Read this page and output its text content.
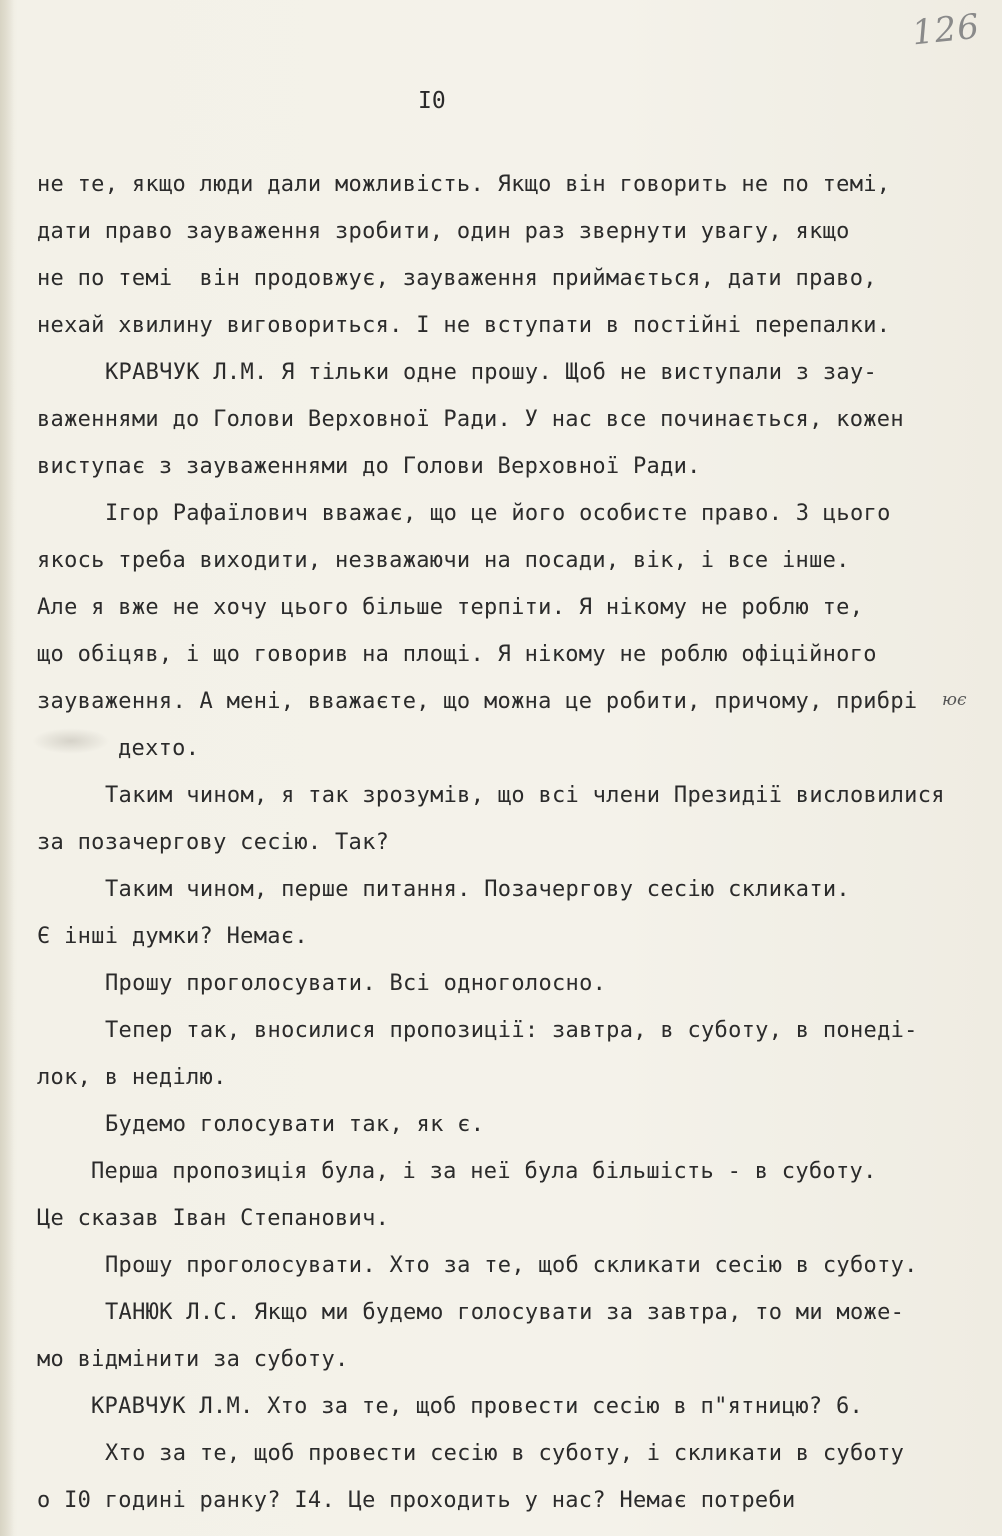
126
I0
ює
не те, якщо люди дали можливість. Якщо він говорить не по темі,
дати право зауваження зробити, один раз звернути увагу, якщо
не по темі  він продовжує, зауваження приймається, дати право,
нехай хвилину виговориться. І не вступати в постійні перепалки.
КРАВЧУК Л.М. Я тільки одне прошу. Щоб не виступали з зау-
важеннями до Голови Верховної Ради. У нас все починається, кожен
виступає з зауваженнями до Голови Верховної Ради.
Ігор Рафаїлович вважає, що це його особисте право. З цього
якось треба виходити, незважаючи на посади, вік, і все інше.
Але я вже не хочу цього більше терпіти. Я нікому не роблю те,
що обіцяв, і що говорив на площі. Я нікому не роблю офіційного
зауваження. А мені, вважаєте, що можна це робити, причому, прибрі
дехто.
Таким чином, я так зрозумів, що всі члени Президії висловилися
за позачергову сесію. Так?
Таким чином, перше питання. Позачергову сесію скликати.
Є інші думки? Немає.
Прошу проголосувати. Всі одноголосно.
Тепер так, вносилися пропозиції: завтра, в суботу, в понеді-
лок, в неділю.
Будемо голосувати так, як є.
Перша пропозиція була, і за неї була більшість - в суботу.
Це сказав Іван Степанович.
Прошу проголосувати. Хто за те, щоб скликати сесію в суботу.
ТАНЮК Л.С. Якщо ми будемо голосувати за завтра, то ми може-
мо відмінити за суботу.
КРАВЧУК Л.М. Хто за те, щоб провести сесію в п"ятницю? 6.
Хто за те, щоб провести сесію в суботу, і скликати в суботу
о I0 годині ранку? I4. Це проходить у нас? Немає потреби
